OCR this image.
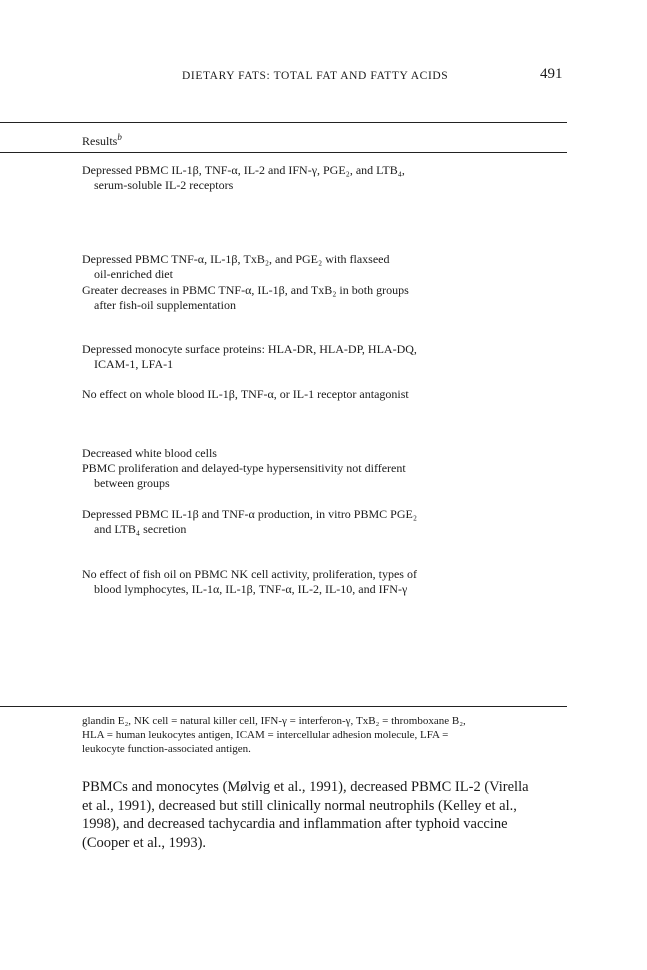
DIETARY FATS: TOTAL FAT AND FATTY ACIDS	491
Results$^b$
Depressed PBMC IL-1β, TNF-α, IL-2 and IFN-γ, PGE₂, and LTB₄,
serum-soluble IL-2 receptors
Depressed PBMC TNF-α, IL-1β, TxB₂, and PGE₂ with flaxseed
oil-enriched diet
Greater decreases in PBMC TNF-α, IL-1β, and TxB₂ in both groups
after fish-oil supplementation
Depressed monocyte surface proteins: HLA-DR, HLA-DP, HLA-DQ,
ICAM-1, LFA-1
No effect on whole blood IL-1β, TNF-α, or IL-1 receptor antagonist
Decreased white blood cells
PBMC proliferation and delayed-type hypersensitivity not different
between groups
Depressed PBMC IL-1β and TNF-α production, in vitro PBMC PGE₂
and LTB₄ secretion
No effect of fish oil on PBMC NK cell activity, proliferation, types of
blood lymphocytes, IL-1α, IL-1β, TNF-α, IL-2, IL-10, and IFN-γ
glandin E₂, NK cell = natural killer cell, IFN-γ = interferon-γ, TxB₂ = thromboxane B₂,
HLA = human leukocytes antigen, ICAM = intercellular adhesion molecule, LFA =
leukocyte function-associated antigen.
PBMCs and monocytes (Mølvig et al., 1991), decreased PBMC IL-2 (Virella
et al., 1991), decreased but still clinically normal neutrophils (Kelley et al.,
1998), and decreased tachycardia and inflammation after typhoid vaccine
(Cooper et al., 1993).
